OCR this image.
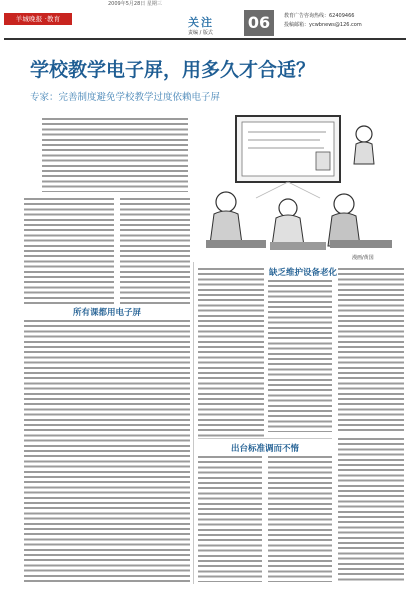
2009年5月28日 星期三
羊城晚报 ·教育	关注
责编 / 版式
06	教育广告咨询热线：62409466
投稿邮箱：ycwbnews@126.com
学校教学电子屏，用多久才合适？
专家：完善制度避免学校教学过度依赖电子屏
漫画/黄国
所有课都用电子屏
缺乏维护设备老化
出台标准调而不惰
